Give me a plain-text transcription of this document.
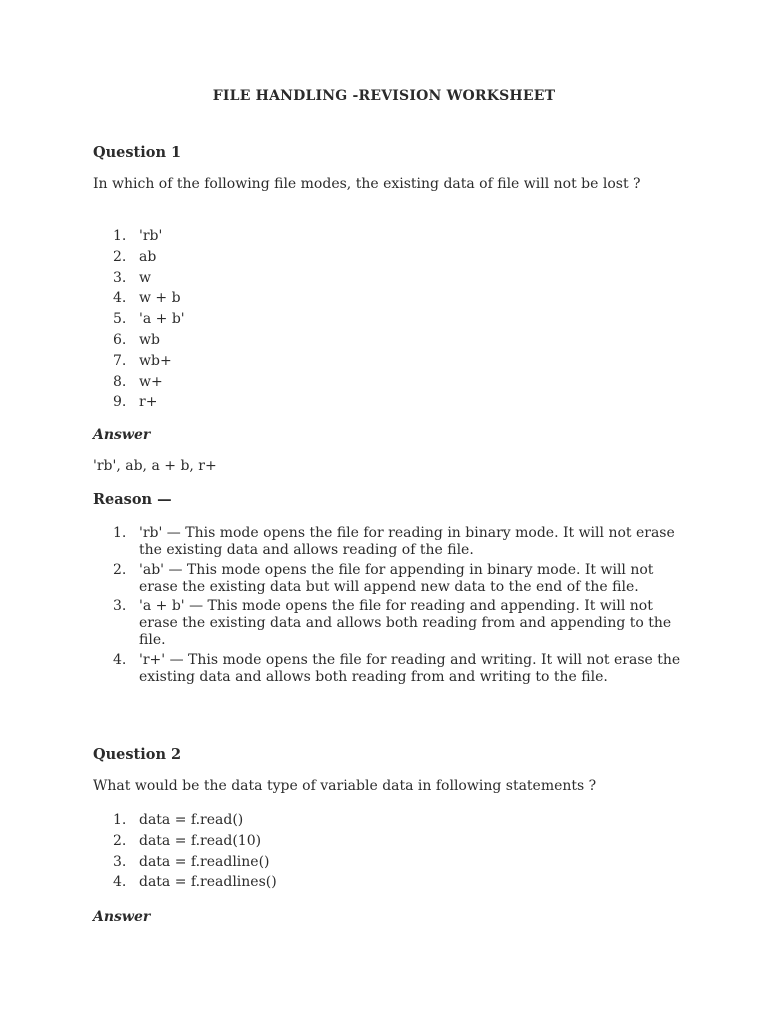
FILE HANDLING -REVISION WORKSHEET
Question 1
In which of the following file modes, the existing data of file will not be lost ?
1. 'rb'
2. ab
3. w
4. w + b
5. 'a + b'
6. wb
7. wb+
8. w+
9. r+
Answer
'rb', ab, a + b, r+
Reason —
1. 'rb' — This mode opens the file for reading in binary mode. It will not erase the existing data and allows reading of the file.
2. 'ab' — This mode opens the file for appending in binary mode. It will not erase the existing data but will append new data to the end of the file.
3. 'a + b' — This mode opens the file for reading and appending. It will not erase the existing data and allows both reading from and appending to the file.
4. 'r+' — This mode opens the file for reading and writing. It will not erase the existing data and allows both reading from and writing to the file.
Question 2
What would be the data type of variable data in following statements ?
1. data = f.read()
2. data = f.read(10)
3. data = f.readline()
4. data = f.readlines()
Answer
